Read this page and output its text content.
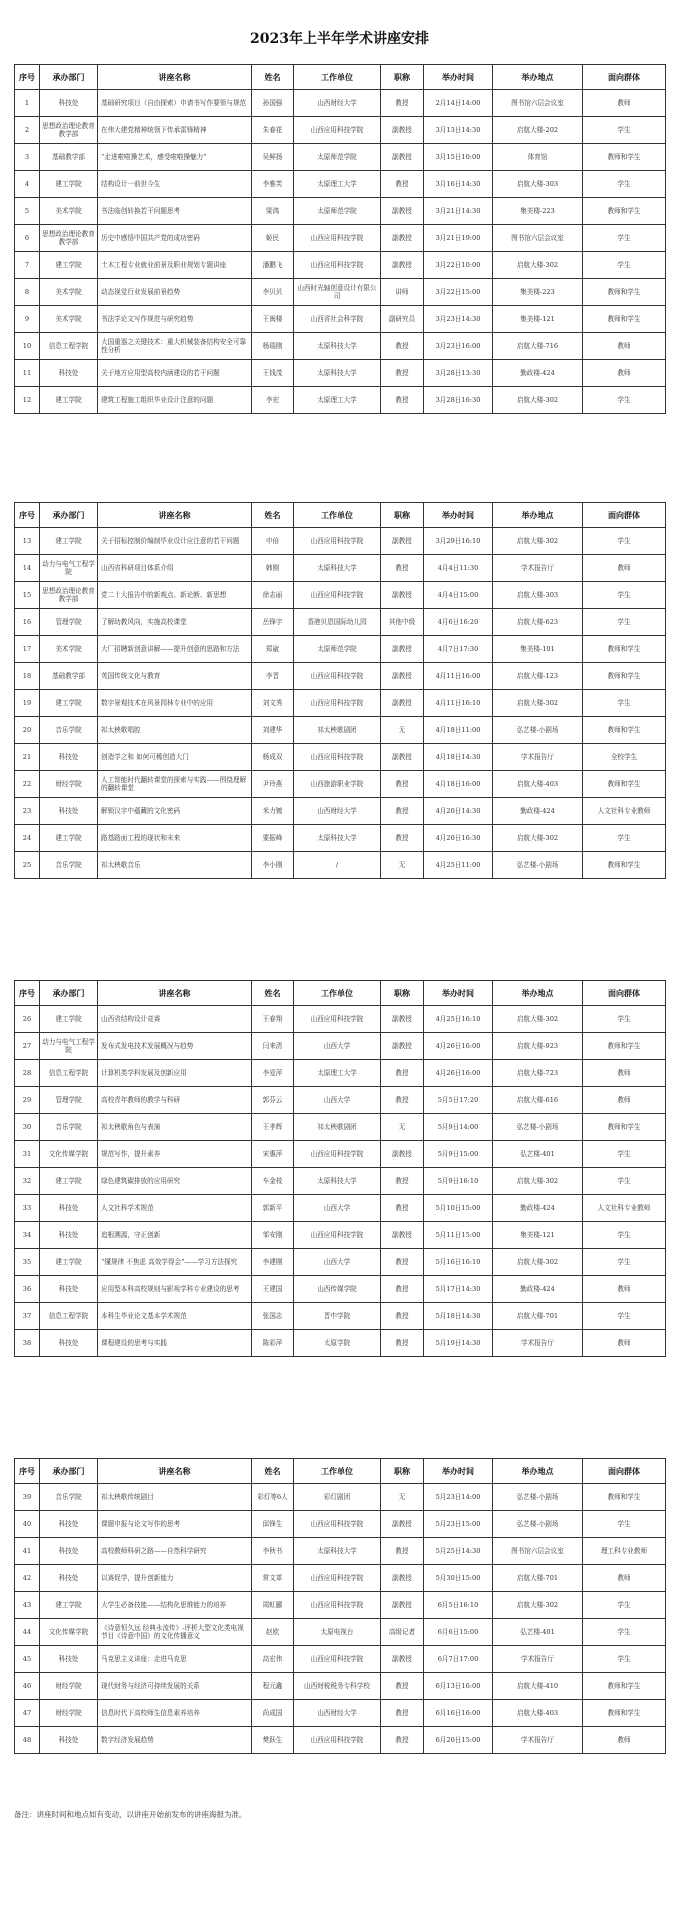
2023年上半年学术讲座安排
序号	承办部门	讲座名称	姓名	工作单位	职称	举办时间	举办地点	面向群体
1	科技处	基础研究项目（自由探索）申请书写作要领与规范	孙国强	山西财经大学	教授	2月14日14:00	图书馆六层会议室	教师
2	思想政治理论教育教学部	在伟大建党精神统领下传承雷锋精神	朱春花	山西应用科技学院	副教授	3月13日14:30	启航大楼-202	学生
3	基础教学部	“走进啦啦操艺术，感受啦啦操魅力”	吴鲜扬	太原师范学院	副教授	3月15日10:00	体育馆	教师和学生
4	建工学院	结构设计一前世今生	李雅芙	太原理工大学	教授	3月16日14:30	启航大楼-303	学生
5	美术学院	书法临创转换若干问题思考	梁鸿	太原师范学院	副教授	3月21日14:30	集美楼-223	教师和学生
6	思想政治理论教育教学部	历史中感悟中国共产党的成功密码	姬民	山西应用科技学院	副教授	3月21日19:00	图书馆六层会议室	学生
7	建工学院	土木工程专业就业前景及职业规划专题讲座	潘鹏飞	山西应用科技学院	副教授	3月22日10:00	启航大楼-302	学生
8	美术学院	动态视觉行业发展前景趋势	李贝贝	山西时光轴创意设计有限公司	讲师	3月22日15:00	集美楼-223	教师和学生
9	美术学院	书法学论文写作规范与研究趋势	王闽楼	山西省社会科学院	副研究员	3月23日14:30	集美楼-121	教师和学生
10	信息工程学院	大国重器之关键技术：重大机械装备结构安全可靠性分析	杨瑞刚	太原科技大学	教授	3月23日16:00	启航大楼-716	教师
11	科技处	关于地方应用型高校内涵建设的若干问题	王钱茂	太原科技大学	教授	3月28日13:30	勤政楼-424	教师
12	建工学院	建筑工程施工组织毕业设计注意的问题	李宏	太原理工大学	教授	3月28日16:30	启航大楼-302	学生
序号	承办部门	讲座名称	姓名	工作单位	职称	举办时间	举办地点	面向群体
13	建工学院	关于招标控制价编制毕业设计应注意的若干问题	申倍	山西应用科技学院	副教授	3月29日16:10	启航大楼-302	学生
14	动力与电气工程学院	山西省科研项目体系介绍	韩刚	太原科技大学	教授	4月4日11:30	学术报告厅	教师
15	思想政治理论教育教学部	党二十大报告中的新观点、新论断、新思想	徐志丽	山西应用科技学院	副教授	4月4日15:00	启航大楼-303	学生
16	管理学院	了解幼教风向，实施高校课堂	岳锋宇	香港贝恩国际幼儿园	其他中级	4月6日16:20	启航大楼-623	学生
17	美术学院	大厂招聘新创意讲解——提升创意的思路和方法	郑崴	太原师范学院	副教授	4月7日17:30	集美楼-101	教师和学生
18	基础教学部	英国传统文化与教育	李晋	山西应用科技学院	副教授	4月11日16:00	启航大楼-123	教师和学生
19	建工学院	数字景观技术在风景园林专业中的应用	刘文秀	山西应用科技学院	副教授	4月11日16:10	启航大楼-302	学生
20	音乐学院	祁太秧歌唱腔	刘建华	祁太秧歌剧团	无	4月18日11:00	弘艺楼-小剧场	教师和学生
21	科技处	创造学之和 如何可稀创造大门	杨成双	山西应用科技学院	副教授	4月18日14:30	学术报告厅	全校学生
22	财经学院	人工智能时代翻转课堂的探索与实践——围绕理解的翻转课堂	尹玲燕	山西旅游职业学院	教授	4月18日16:00	启航大楼-403	教师和学生
23	科技处	解锁汉字中蕴藏的文化密码	米力镀	山西财经大学	教授	4月20日14:30	勤政楼-424	人文社科专业教师
24	建工学院	路基路面工程的现状和未来	要振峰	太原科技大学	教授	4月20日16:30	启航大楼-302	学生
25	音乐学院	祁太秧歌音乐	李小刚	/	无	4月25日11:00	弘艺楼-小剧场	教师和学生
序号	承办部门	讲座名称	姓名	工作单位	职称	举办时间	举办地点	面向群体
26	建工学院	山西省结构设计竞赛	王春翔	山西应用科技学院	副教授	4月25日16:10	启航大楼-302	学生
27	动力与电气工程学院	发布式发电技术发展概况与趋势	闫来清	山西大学	副教授	4月26日16:00	启航大楼-923	教师和学生
28	信息工程学院	计算机类学科发展及创新应用	李爱萍	太原理工大学	教授	4月26日16:00	启航大楼-723	教师
29	管理学院	高校青年教师的教学与科研	郭芬云	山西大学	教授	5月5日17:20	启航大楼-616	教师
30	音乐学院	祁太秧歌角色与表演	王孝辉	祁太秧歌剧团	无	5月9日14:00	弘艺楼-小剧场	教师和学生
31	文化传媒学院	规范写作，提升素养	宋惠萍	山西应用科技学院	副教授	5月9日15:00	弘艺楼-401	学生
32	建工学院	绿色建筑碳排放的应用研究	车金枝	太原科技大学	教授	5月9日16:10	启航大楼-302	学生
33	科技处	人文社科学术规范	郭新平	山西大学	教授	5月10日15:00	勤政楼-424	人文社科专业教师
34	科技处	追根溯源，守正创新	邹安刚	山西应用科技学院	副教授	5月11日15:00	集美楼-121	学生
35	建工学院	“懂规律 不焦虑 高效学得会”——学习方法探究	李建刚	山西大学	教授	5月16日16:10	启航大楼-302	学生
36	科技处	应用型本科高校规则与影视学科专业建设的思考	王建国	山西传媒学院	教授	5月17日14:30	勤政楼-424	教师
37	信息工程学院	本科生毕业论文基本学术规范	张国志	晋中学院	教授	5月18日14:30	启航大楼-701	学生
38	科技处	课程建设的思考与实践	陈彩萍	太原学院	教授	5月19日14:30	学术报告厅	教师
序号	承办部门	讲座名称	姓名	工作单位	职称	举办时间	举办地点	面向群体
39	音乐学院	祁太秧歌传统剧目	彩灯等6人	彩灯剧团	无	5月23日14:00	弘艺楼-小剧场	教师和学生
40	科技处	课题申报与论文写作的思考	邱锋生	山西应用科技学院	副教授	5月23日15:00	弘艺楼-小剧场	学生
41	科技处	高校教师科研之路——自然科学研究	李秋书	太原科技大学	教授	5月25日14:30	图书馆六层会议室	理工科专业教师
42	科技处	以赛促学，提升创新能力	常文革	山西应用科技学院	副教授	5月30日15:00	启航大楼-701	教师
43	建工学院	大学生必备技能——结构化思维能力的培养	周虹郦	山西应用科技学院	副教授	6月5日16:10	启航大楼-302	学生
44	文化传媒学院	《诗意恒久远 经典永流传》-评析大型文化类电视节目《诗意中国》的文化传播意义	赵欧	太原电视台	高级记者	6月6日15:00	弘艺楼-401	学生
45	科技处	马克思主义讲座：走进马克思	高宏伟	山西应用科技学院	副教授	6月7日17:00	学术报告厅	学生
46	财经学院	现代财务与经济可持续发展的关系	程元鑫	山西财税税务专科学校	教授	6月13日16:00	启航大楼-410	教师和学生
47	财经学院	信息时代下高校师生信息素养培养	尚成国	山西财经大学	教授	6月16日16:00	启航大楼-403	教师和学生
48	科技处	数字经济发展趋势	樊跃生	山西应用科技学院	教授	6月20日15:00	学术报告厅	教师
备注：讲座时间和地点如有变动，以讲座开始前发布的讲座海报为准。
